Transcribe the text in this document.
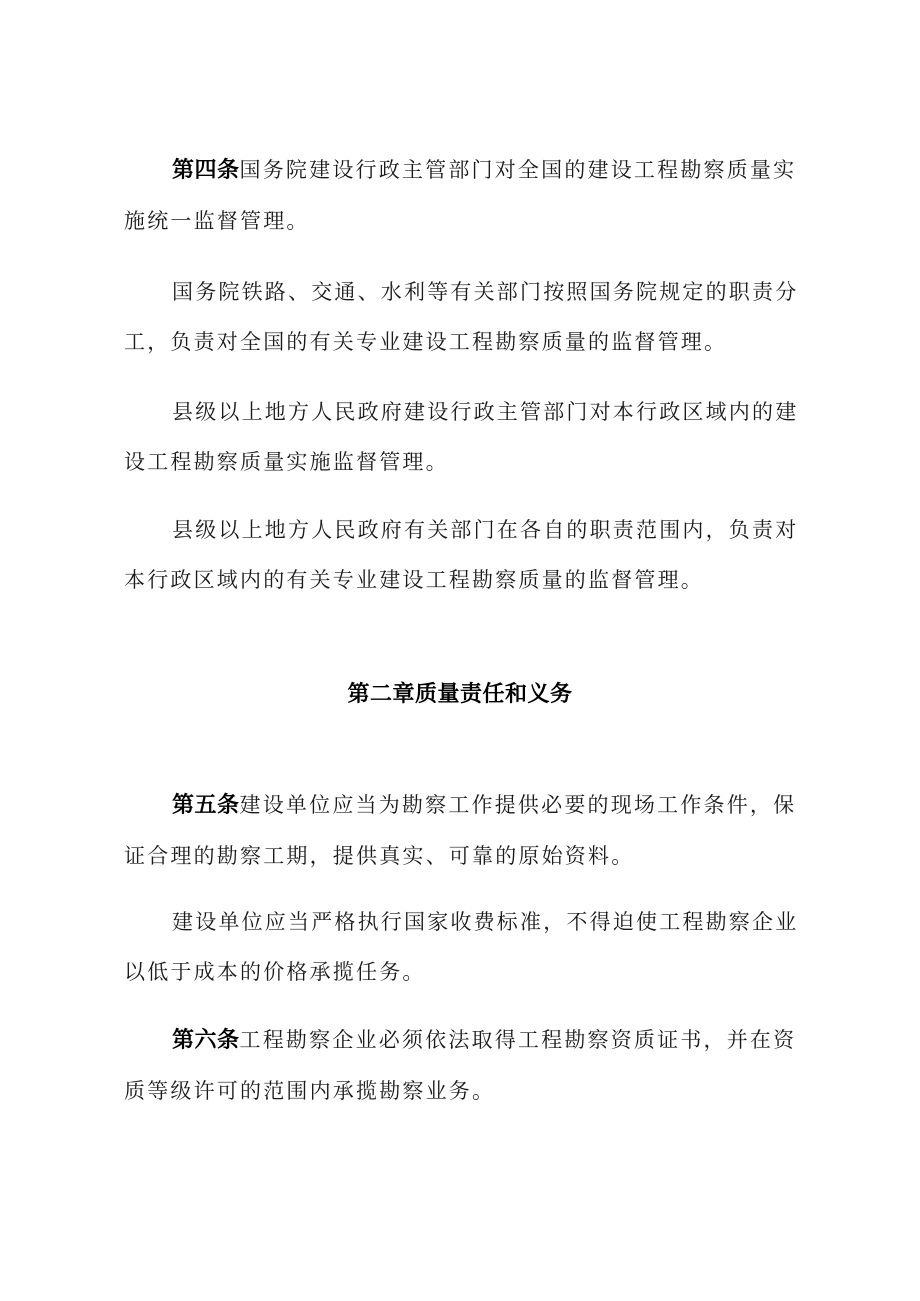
第四条国务院建设行政主管部门对全国的建设工程勘察质量实施统一监督管理。

国务院铁路、交通、水利等有关部门按照国务院规定的职责分工，负责对全国的有关专业建设工程勘察质量的监督管理。

县级以上地方人民政府建设行政主管部门对本行政区域内的建设工程勘察质量实施监督管理。

县级以上地方人民政府有关部门在各自的职责范围内，负责对本行政区域内的有关专业建设工程勘察质量的监督管理。

第二章质量责任和义务

第五条建设单位应当为勘察工作提供必要的现场工作条件，保证合理的勘察工期，提供真实、可靠的原始资料。

建设单位应当严格执行国家收费标准，不得迫使工程勘察企业以低于成本的价格承揽任务。

第六条工程勘察企业必须依法取得工程勘察资质证书，并在资质等级许可的范围内承揽勘察业务。
